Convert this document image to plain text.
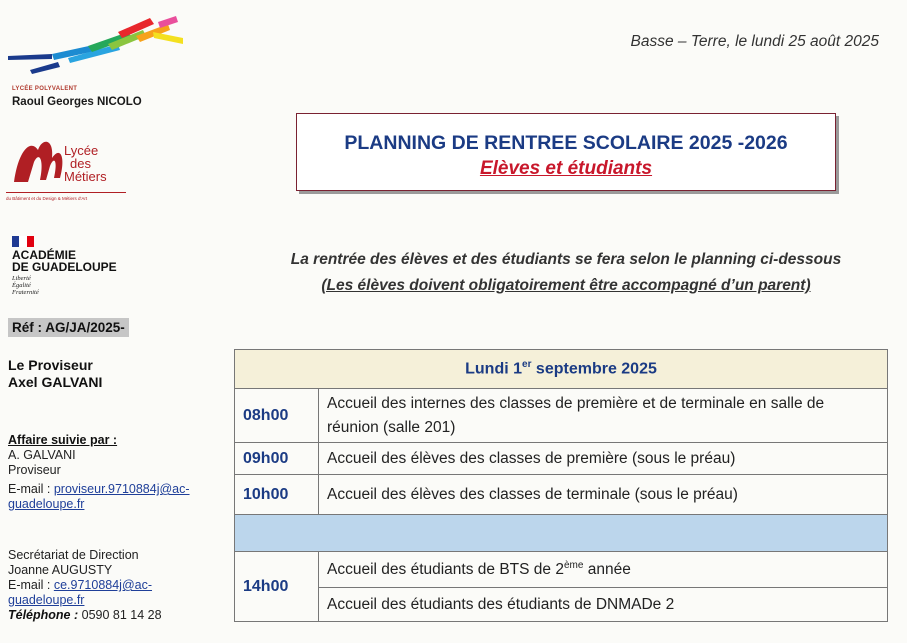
LYCÉE POLYVALENT
Raoul Georges NICOLO
Lycée
des
Métiers
du Bâtiment et du Design & Métiers d'Art
ACADÉMIE
DE GUADELOUPE
Liberté
Égalité
Fraternité
Réf : AG/JA/2025-
Le Proviseur
Axel GALVANI
Affaire suivie par :
A. GALVANI
Proviseur
E-mail : proviseur.9710884j@ac-
guadeloupe.fr
Secrétariat de Direction
Joanne AUGUSTY
E-mail : ce.9710884j@ac-
guadeloupe.fr
Téléphone : 0590 81 14 28
Basse – Terre, le lundi 25 août 2025
PLANNING DE RENTREE SCOLAIRE 2025 -2026
Elèves et étudiants
La rentrée des élèves et des étudiants se fera selon le planning ci-dessous
(Les élèves doivent obligatoirement être accompagné d’un parent)
Lundi 1er septembre 2025	
08h00	Accueil des internes des classes de première et de terminale en salle de réunion (salle 201)
09h00	Accueil des élèves des classes de première (sous le préau)
10h00	Accueil des élèves des classes de terminale (sous le préau)

14h00	Accueil des étudiants de BTS de 2ème année
	Accueil des étudiants des étudiants de DNMADe 2
